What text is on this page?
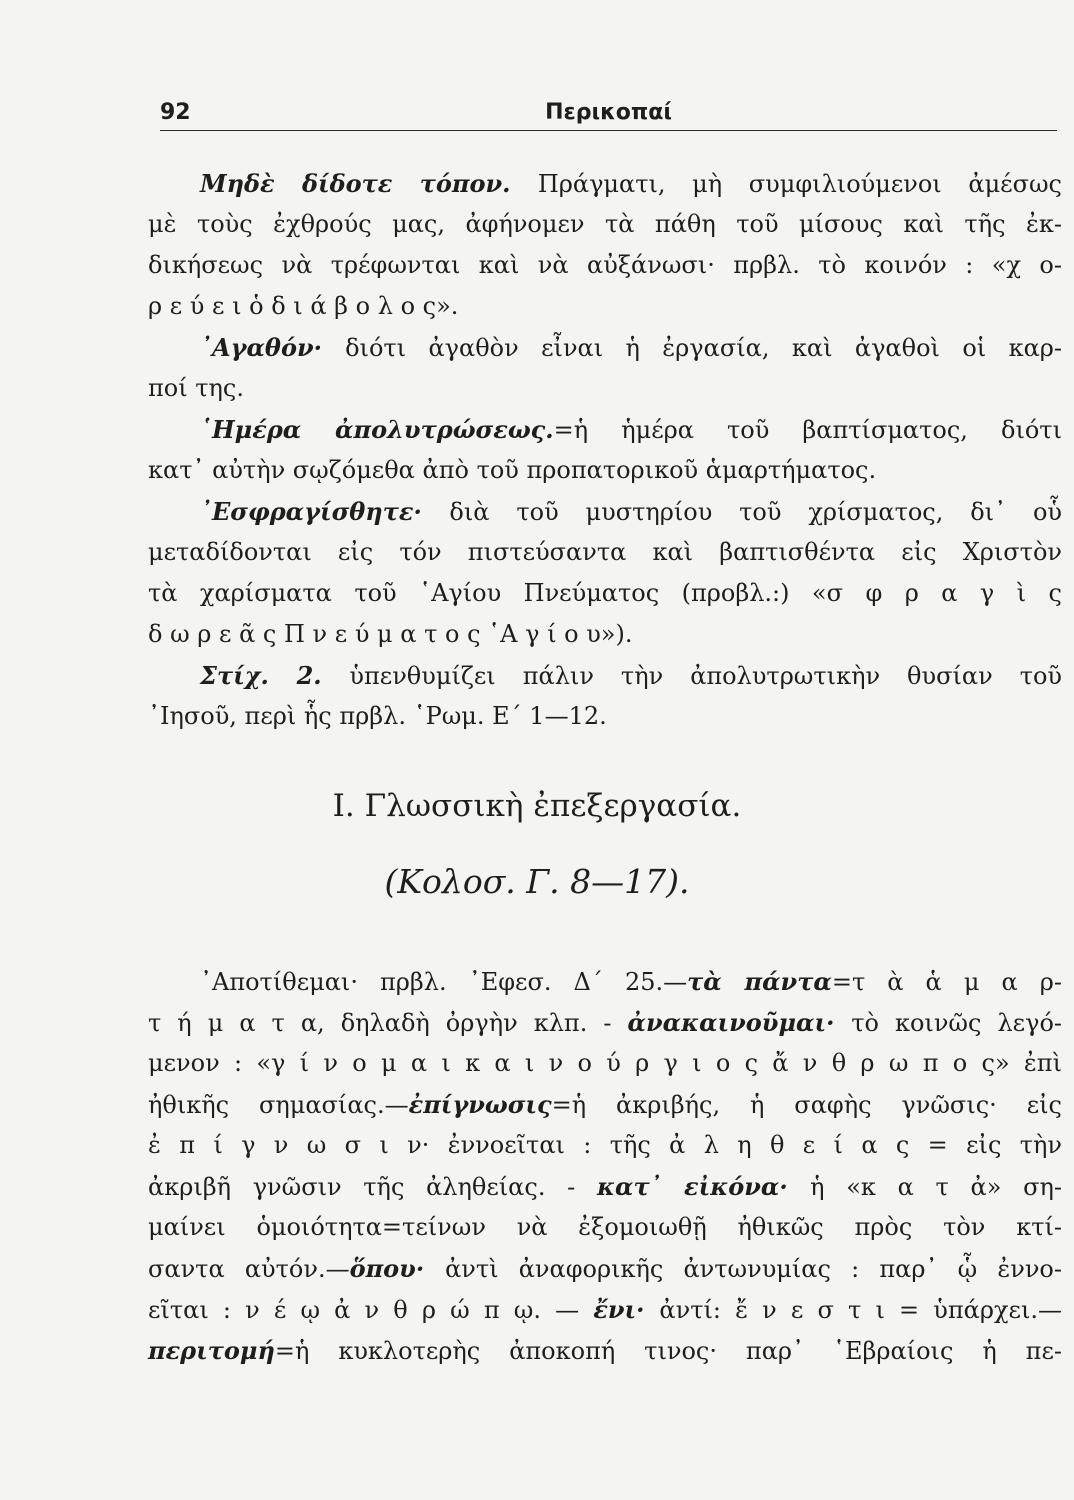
92	Περικοπαί
Μηδὲ δίδοτε τόπον. Πράγματι, μὴ συμφιλιούμενοι ἀμέσως
μὲ τοὺς ἐχθρούς μας, ἀφήνομεν τὰ πάθη τοῦ μίσους καὶ τῆς ἐκ-
δικήσεως νὰ τρέφωνται καὶ νὰ αὐξάνωσι· πρβλ. τὸ κοινόν : «χ ο-
ρ ε ύ ε ι ὁ δ ι ά β ο λ ο ς».
᾿Αγαθόν· διότι ἀγαθὸν εἶναι ἡ ἐργασία, καὶ ἀγαθοὶ οἱ καρ-
ποί της.
῾Ημέρα ἀπολυτρώσεως.=ἡ ἡμέρα τοῦ βαπτίσματος, διότι
κατ᾿ αὐτὴν σῳζόμεθα ἀπὸ τοῦ προπατορικοῦ ἁμαρτήματος.
᾿Εσφραγίσθητε· διὰ τοῦ μυστηρίου τοῦ χρίσματος, δι᾿ οὗ
μεταδίδονται εἰς τόν πιστεύσαντα καὶ βαπτισθέντα εἰς Χριστὸν
τὰ χαρίσματα τοῦ ῾Αγίου Πνεύματος (προβλ.:) «σ φ ρ α γ ὶ ς
δ ω ρ ε ᾶ ς Π ν ε ύ μ α τ ο ς ῾Α γ ί ο υ»).
Στίχ. 2. ὑπενθυμίζει πάλιν τὴν ἀπολυτρωτικὴν θυσίαν τοῦ
᾿Ιησοῦ, περὶ ἧς πρβλ. ῾Ρωμ. Ε΄ 1—12.
I. Γλωσσικὴ ἐπεξεργασία.
(Κολοσ. Γ. 8—17).
᾿Αποτίθεμαι· πρβλ. ᾿Εφεσ. Δ΄ 25.—τὰ πάντα=τ ὰ ἁ μ α ρ-
τ ή μ α τ α, δηλαδὴ ὀργὴν κλπ. - ἀνακαινοῦμαι· τὸ κοινῶς λεγό-
μενον : «γ ί ν ο μ α ι κ α ι ν ο ύ ρ γ ι ο ς ἄ ν θ ρ ω π ο ς» ἐπὶ
ἠθικῆς σημασίας.—ἐπίγνωσις=ἡ ἀκριβής, ἡ σαφὴς γνῶσις· εἰς
ἐ π ί γ ν ω σ ι ν· ἐννοεῖται : τῆς ἀ λ η θ ε ί α ς = εἰς τὴν
ἀκριβῆ γνῶσιν τῆς ἀληθείας. - κατ᾿ εἰκόνα· ἡ «κ α τ ἀ» ση-
μαίνει ὁμοιότητα=τείνων νὰ ἐξομοιωθῇ ἠθικῶς πρὸς τὸν κτί-
σαντα αὐτόν.—ὅπου· ἀντὶ ἀναφορικῆς ἀντωνυμίας : παρ᾿ ᾧ ἐννο-
εῖται : ν έ ῳ ἀ ν θ ρ ώ π ῳ. — ἔνι· ἀντί: ἔ ν ε σ τ ι = ὑπάρχει.—
περιτομή=ἡ κυκλοτερὴς ἀποκοπή τινος· παρ᾿ ῾Εβραίοις ἡ πε-
